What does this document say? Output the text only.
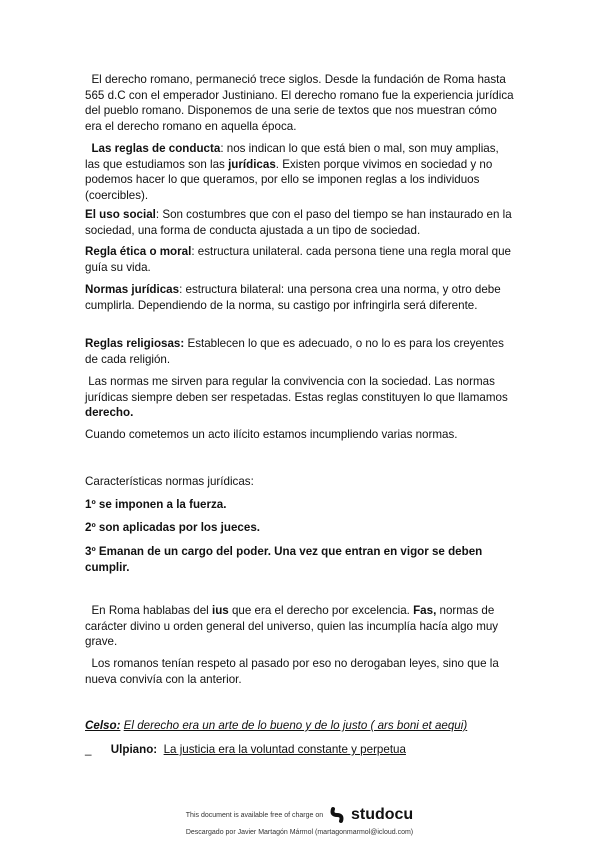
El derecho romano, permaneció trece siglos. Desde la fundación de Roma hasta 565 d.C con el emperador Justiniano. El derecho romano fue la experiencia jurídica del pueblo romano. Disponemos de una serie de textos que nos muestran cómo era el derecho romano en aquella época.
Las reglas de conducta: nos indican lo que está bien o mal, son muy amplias, las que estudiamos son las jurídicas. Existen porque vivimos en sociedad y no podemos hacer lo que queramos, por ello se imponen reglas a los individuos (coercibles).
El uso social: Son costumbres que con el paso del tiempo se han instaurado en la sociedad, una forma de conducta ajustada a un tipo de sociedad.
Regla ética o moral: estructura unilateral. cada persona tiene una regla moral que guía su vida.
Normas jurídicas: estructura bilateral: una persona crea una norma, y otro debe cumplirla. Dependiendo de la norma, su castigo por infringirla será diferente.
Reglas religiosas: Establecen lo que es adecuado, o no lo es para los creyentes de cada religión.
Las normas me sirven para regular la convivencia con la sociedad. Las normas jurídicas siempre deben ser respetadas. Estas reglas constituyen lo que llamamos derecho.
Cuando cometemos un acto ilícito estamos incumpliendo varias normas.
Características normas jurídicas:
1º se imponen a la fuerza.
2º son aplicadas por los jueces.
3º Emanan de un cargo del poder. Una vez que entran en vigor se deben cumplir.
En Roma hablabas del ius que era el derecho por excelencia. Fas, normas de carácter divino u orden general del universo, quien las incumplía hacía algo muy grave.
Los romanos tenían respeto al pasado por eso no derogaban leyes, sino que la nueva convivía con la anterior.
Celso: El derecho era un arte de lo bueno y de lo justo ( ars boni et aequi)
_ Ulpiano: La justicia era la voluntad constante y perpetua
This document is available free of charge on studocu
Descargado por Javier Martagón Mármol (martagonmarmol@icloud.com)
